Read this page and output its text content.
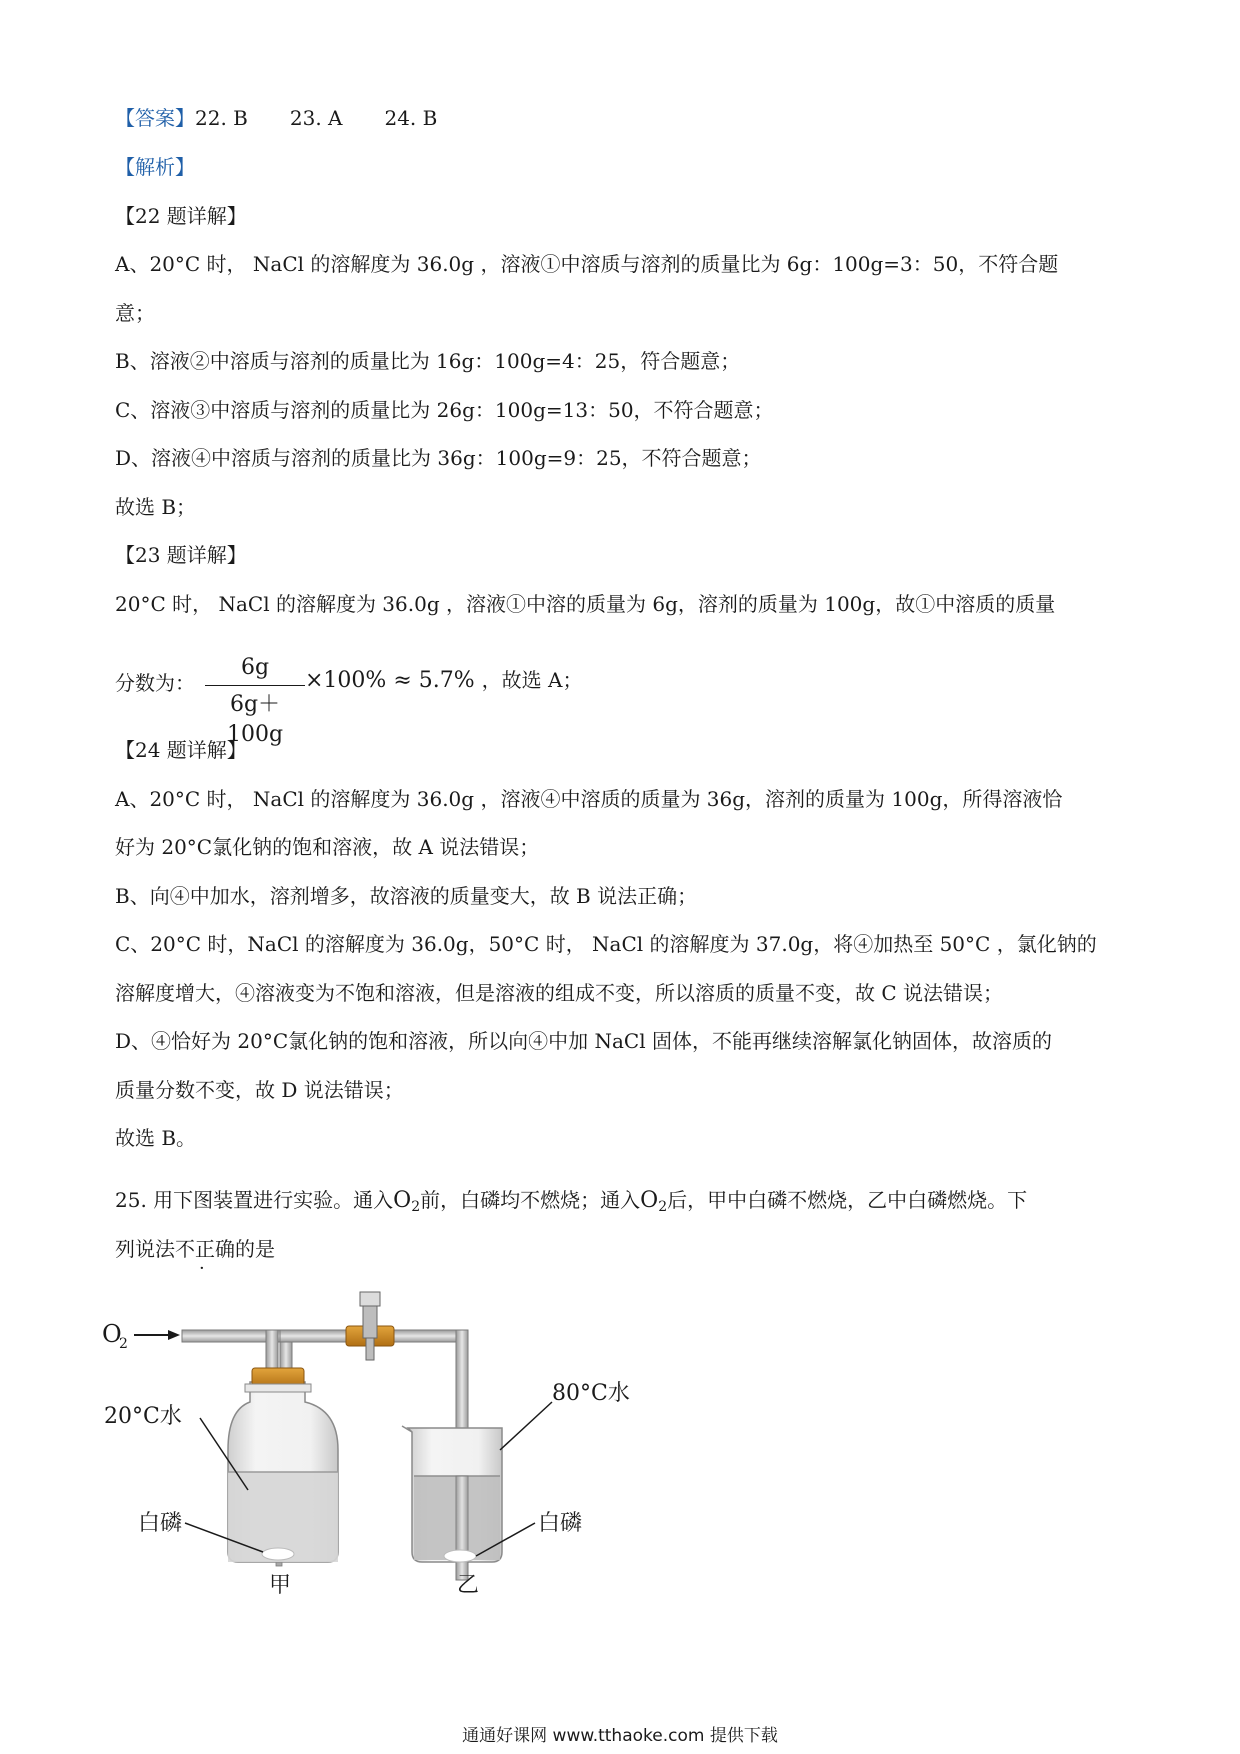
【答案】22. B 23. A 24. B
【解析】
【22 题详解】
A、20°C 时， NaCl 的溶解度为 36.0g ，溶液①中溶质与溶剂的质量比为 6g：100g=3：50，不符合题
意；
B、溶液②中溶质与溶剂的质量比为 16g：100g=4：25，符合题意；
C、溶液③中溶质与溶剂的质量比为 26g：100g=13：50，不符合题意；
D、溶液④中溶质与溶剂的质量比为 36g：100g=9：25，不符合题意；
故选 B；
【23 题详解】
20°C 时， NaCl 的溶解度为 36.0g ，溶液①中溶的质量为 6g，溶剂的质量为 100g，故①中溶质的质量
分数为：
6g
6g＋100g
×100% ≈ 5.7% ，故选 A；
【24 题详解】
A、20°C 时， NaCl 的溶解度为 36.0g ，溶液④中溶质的质量为 36g，溶剂的质量为 100g，所得溶液恰
好为 20°C氯化钠的饱和溶液，故 A 说法错误；
B、向④中加水，溶剂增多，故溶液的质量变大，故 B 说法正确；
C、20°C 时，NaCl 的溶解度为 36.0g，50°C 时， NaCl 的溶解度为 37.0g，将④加热至 50°C ，氯化钠的
溶解度增大，④溶液变为不饱和溶液，但是溶液的组成不变，所以溶质的质量不变，故 C 说法错误；
D、④恰好为 20°C氯化钠的饱和溶液，所以向④中加 NaCl 固体，不能再继续溶解氯化钠固体，故溶质的
质量分数不变，故 D 说法错误；
故选 B。
25. 用下图装置进行实验。通入$O_2$前，白磷均不燃烧；通入$O_2$后，甲中白磷不燃烧，乙中白磷燃烧。下
列说法不正确的是
O
2
20°C水
白磷
80°C水
白磷
甲	乙
通通好课网 www.tthaoke.com 提供下载
